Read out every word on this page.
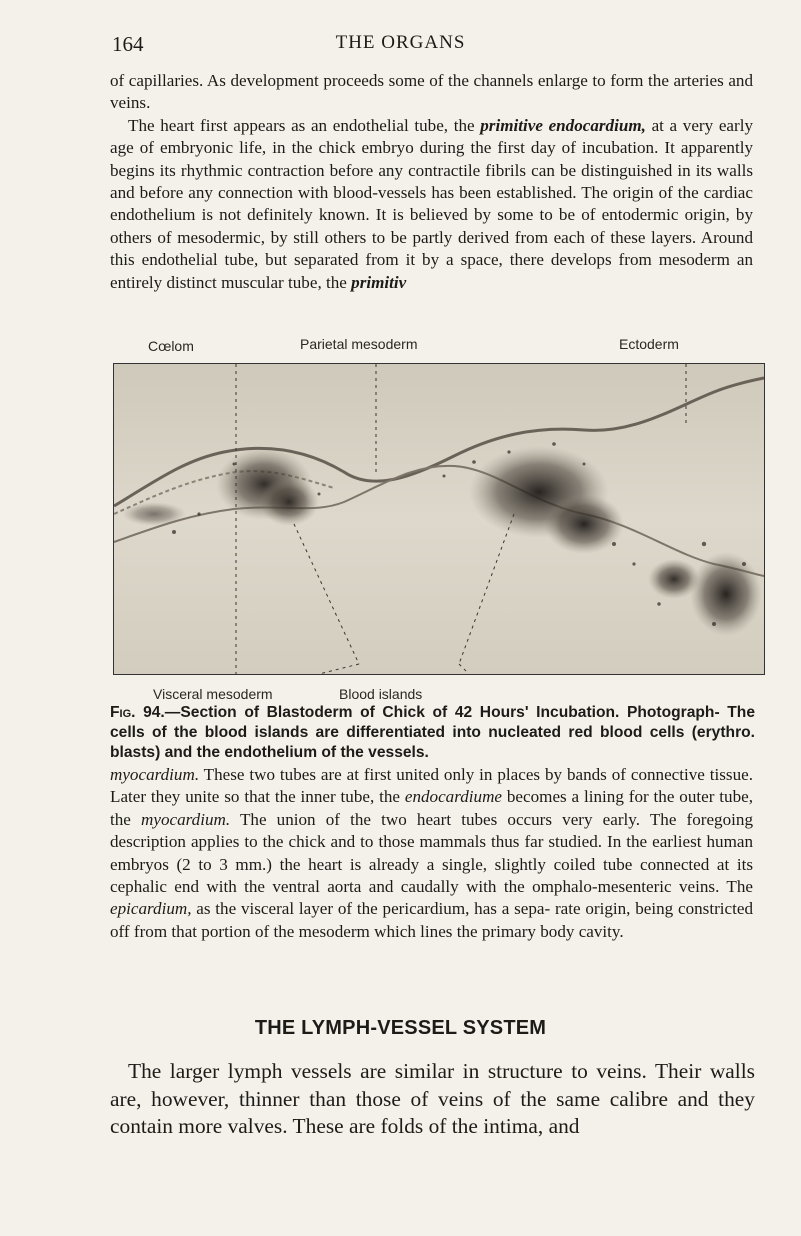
164	THE ORGANS

of capillaries. As development proceeds some of the channels enlarge to form the arteries and veins.

The heart first appears as an endothelial tube, the primitive endocardium, at a very early age of embryonic life, in the chick embryo during the first day of incubation. It apparently begins its rhythmic contraction before any contractile fibrils can be distinguished in its walls and before any connection with blood-vessels has been established. The origin of the cardiac endothelium is not definitely known. It is believed by some to be of entodermic origin, by others of mesodermic, by still others to be partly derived from each of these layers. Around this endothelial tube, but separated from it by a space, there develops from mesoderm an entirely distinct muscular tube, the primitiv

Cœlom	Parietal mesoderm	Ectoderm
Visceral mesoderm	Blood islands
Fig. 94.—Section of Blastoderm of Chick of 42 Hours' Incubation. Photograph- The cells of the blood islands are differentiated into nucleated red blood cells (erythro. blasts) and the endothelium of the vessels.

myocardium. These two tubes are at first united only in places by bands of connective tissue. Later they unite so that the inner tube, the endocardiume becomes a lining for the outer tube, the myocardium. The union of the two heart tubes occurs very early. The foregoing description applies to the chick and to those mammals thus far studied. In the earliest human embryos (2 to 3 mm.) the heart is already a single, slightly coiled tube connected at its cephalic end with the ventral aorta and caudally with the omphalo-mesenteric veins. The epicardium, as the visceral layer of the pericardium, has a sepa- rate origin, being constricted off from that portion of the mesoderm which lines the primary body cavity.

THE LYMPH-VESSEL SYSTEM

The larger lymph vessels are similar in structure to veins. Their walls are, however, thinner than those of veins of the same calibre and they contain more valves. These are folds of the intima, and
